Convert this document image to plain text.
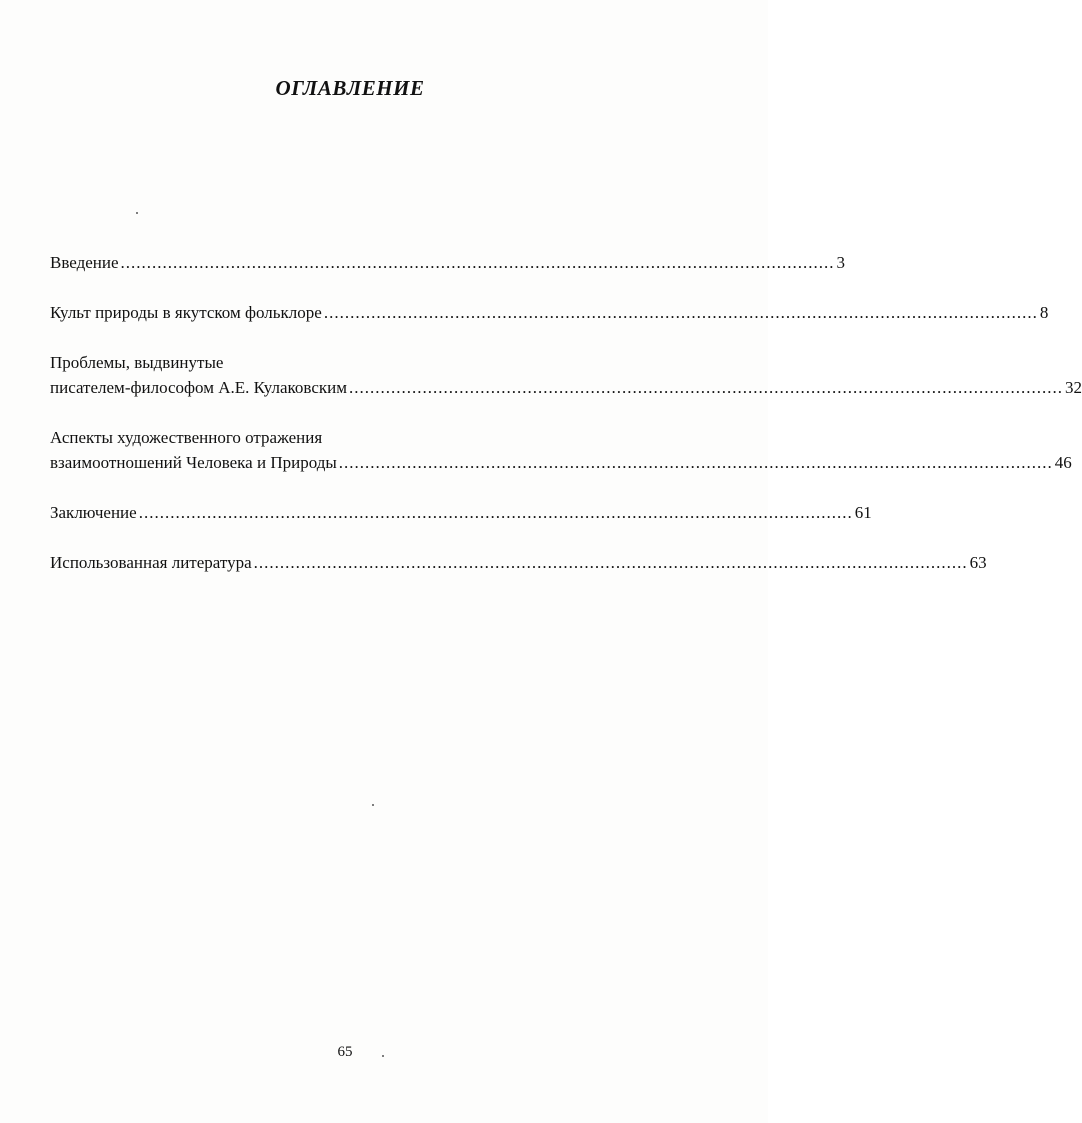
ОГЛАВЛЕНИЕ
Введение ........................................................................................................................................ 3
Культ природы в якутском фольклоре ........................................................................................................................................ 8
Проблемы, выдвинутые
писателем-философом А.Е. Кулаковским ........................................................................................................................................ 32
Аспекты художественного отражения
взаимоотношений Человека и Природы ........................................................................................................................................ 46
Заключение ........................................................................................................................................ 61
Использованная литература ........................................................................................................................................ 63
65
